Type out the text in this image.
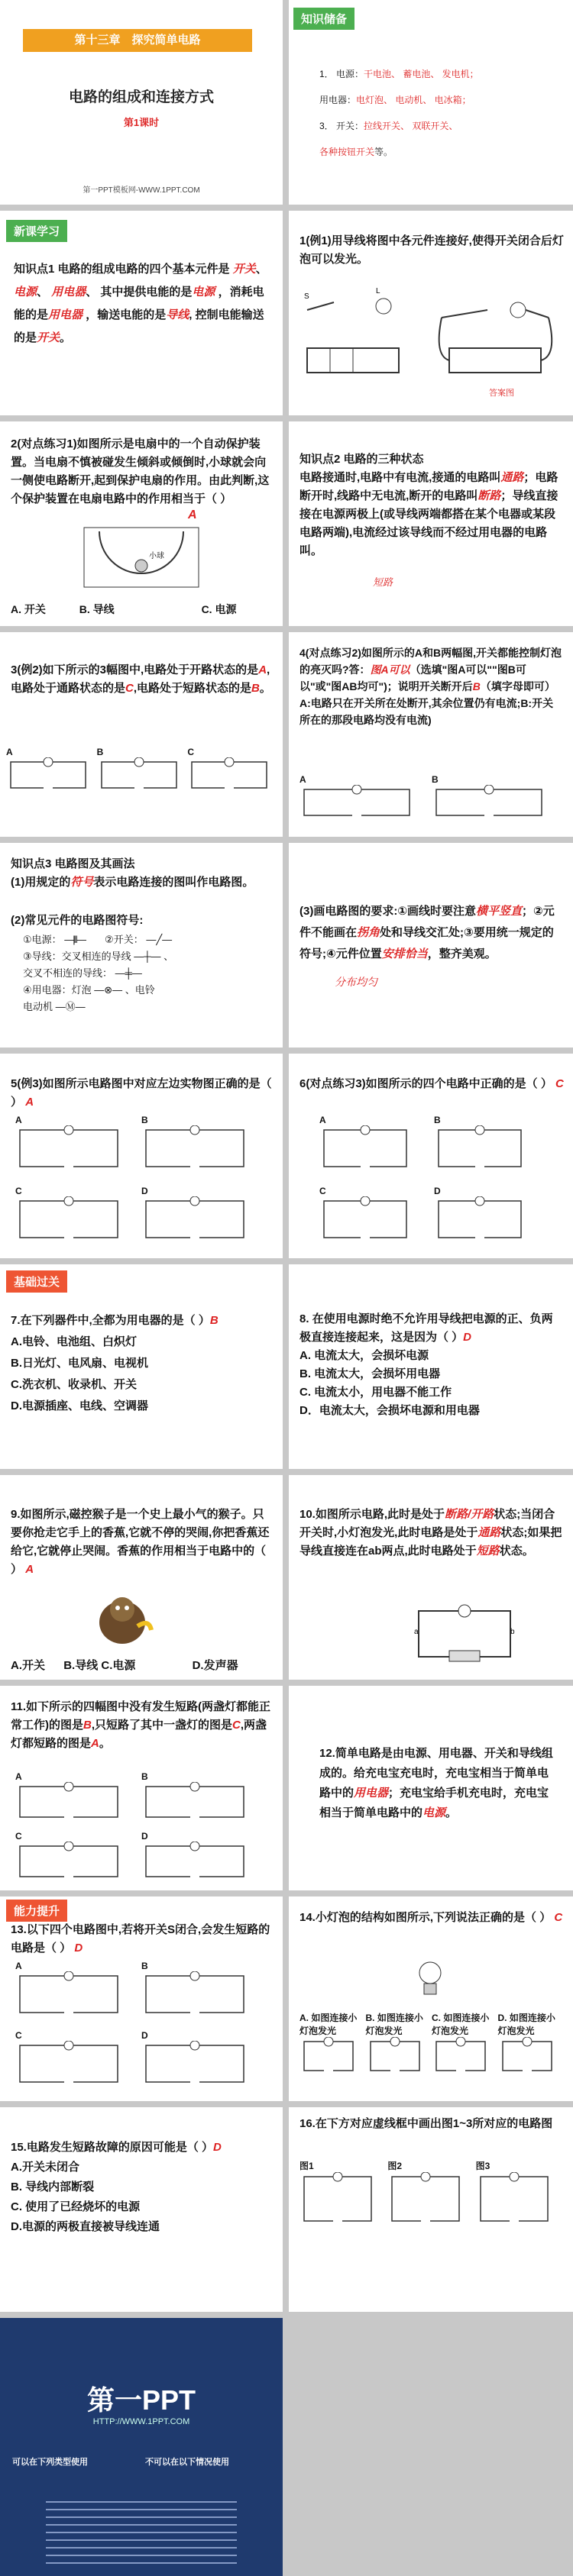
第十三章　探究简单电路
电路的组成和连接方式
第1课时
第一PPT模板网-WWW.1PPT.COM
知识储备
1． 电源：干电池、 蓄电池、 发电机；
用电器：电灯泡、 电动机、 电冰箱；
3． 开关：拉线开关、 双联开关、
各种按钮开关等。
新课学习
知识点1 电路的组成电路的四个基本元件是 开关、 电源、 用电器、 其中提供电能的是电源 ，消耗电能的是用电器 ，输送电能的是导线, 控制电能输送的是开关。
1(例1)用导线将图中各元件连接好,使得开关闭合后灯泡可以发光。
S
L
答案图
2(对点练习1)如图所示是电扇中的一个自动保护装置。当电扇不慎被碰发生倾斜或倾倒时,小球就会向一侧使电路断开,起到保护电扇的作用。由此判断,这个保护装置在电扇电路中的作用相当于（ ）
A
小球
A. 开关	B. 导线	C. 电源
知识点2 电路的三种状态
电路接通时,电路中有电流,接通的电路叫通路；电路断开时,线路中无电流,断开的电路叫断路；导线直接接在电源两极上(或导线两端都搭在某个电器或某段电路两端),电流经过该导线而不经过用电器的电路叫。
短路
3(例2)如下所示的3幅图中,电路处于开路状态的是A,电路处于通路状态的是C,电路处于短路状态的是B。
A	B	C
4(对点练习2)如图所示的A和B两幅图,开关都能控制灯泡的亮灭吗?答：图A可以（选填"图A可以""图B可以"或"图AB均可")；说明开关断开后B（填字母即可）A:电路只在开关所在处断开,其余位置仍有电流;B:开关所在的那段电路均没有电流)
A	B
知识点3 电路图及其画法
(1)用规定的符号表示电路连接的图叫作电路图。
(2)常见元件的电路图符号:
①电源： —|‖—　　 ②开关： —╱—
③导线：交叉相连的导线 —┼— 、
交叉不相连的导线： —╪—
④用电器：灯泡 —⊗— 、电铃
电动机 —Ⓜ—
(3)画电路图的要求:①画线时要注意横平竖直；②元件不能画在拐角处和导线交汇处;③要用统一规定的符号;④元件位置安排恰当，整齐美观。
分布均匀
5(例3)如图所示电路图中对应左边实物图正确的是（ ） A
A	B
C	D
6(对点练习3)如图所示的四个电路中正确的是（ ） C
A	B
C	D
基础过关
7.在下列器件中,全都为用电器的是（ ）B
A.电铃、电池组、白炽灯
B.日光灯、电风扇、电视机
C.洗衣机、收录机、开关
D.电源插座、电线、空调器
8. 在使用电源时绝不允许用导线把电源的正、负两极直接连接起来，这是因为（ ）D
A. 电流太大，会损坏电源
B. 电流太大，会损坏用电器
C. 电流太小，用电器不能工作
D．电流太大，会损坏电源和用电器
9.如图所示,磁控猴子是一个史上最小气的猴子。只要你抢走它手上的香蕉,它就不停的哭闹,你把香蕉还给它,它就停止哭闹。香蕉的作用相当于电路中的（ ） A
A.开关 B.导线 C.电源	D.发声器
10.如图所示电路,此时是处于断路/开路状态;当闭合开关时,小灯泡发光,此时电路是处于通路状态;如果把导线直接连在ab两点,此时电路处于短路状态。
a	b
11.如下所示的四幅图中没有发生短路(两盏灯都能正常工作)的图是B,只短路了其中一盏灯的图是C,两盏灯都短路的图是A。
A	B
C	D
12.简单电路是由电源、用电器、开关和导线组成的。给充电宝充电时，充电宝相当于简单电路中的用电器；充电宝给手机充电时，充电宝相当于简单电路中的电源。
能力提升
13.以下四个电路图中,若将开关S闭合,会发生短路的电路是（ ） D
A	B
C	D
14.小灯泡的结构如图所示,下列说法正确的是（ ） C
A. 如图连接小灯泡发光
B. 如图连接小灯泡发光
C. 如图连接小灯泡发光
D. 如图连接小灯泡发光
15.电路发生短路故障的原因可能是（ ）D
A.开关未闭合
B. 导线内部断裂
C. 使用了已经烧坏的电源
D.电源的两极直接被导线连通
16.在下方对应虚线框中画出图1~3所对应的电路图
图1	图2	图3
第一PPT
HTTP://WWW.1PPT.COM
可以在下列类型使用	不可以在以下情况使用
